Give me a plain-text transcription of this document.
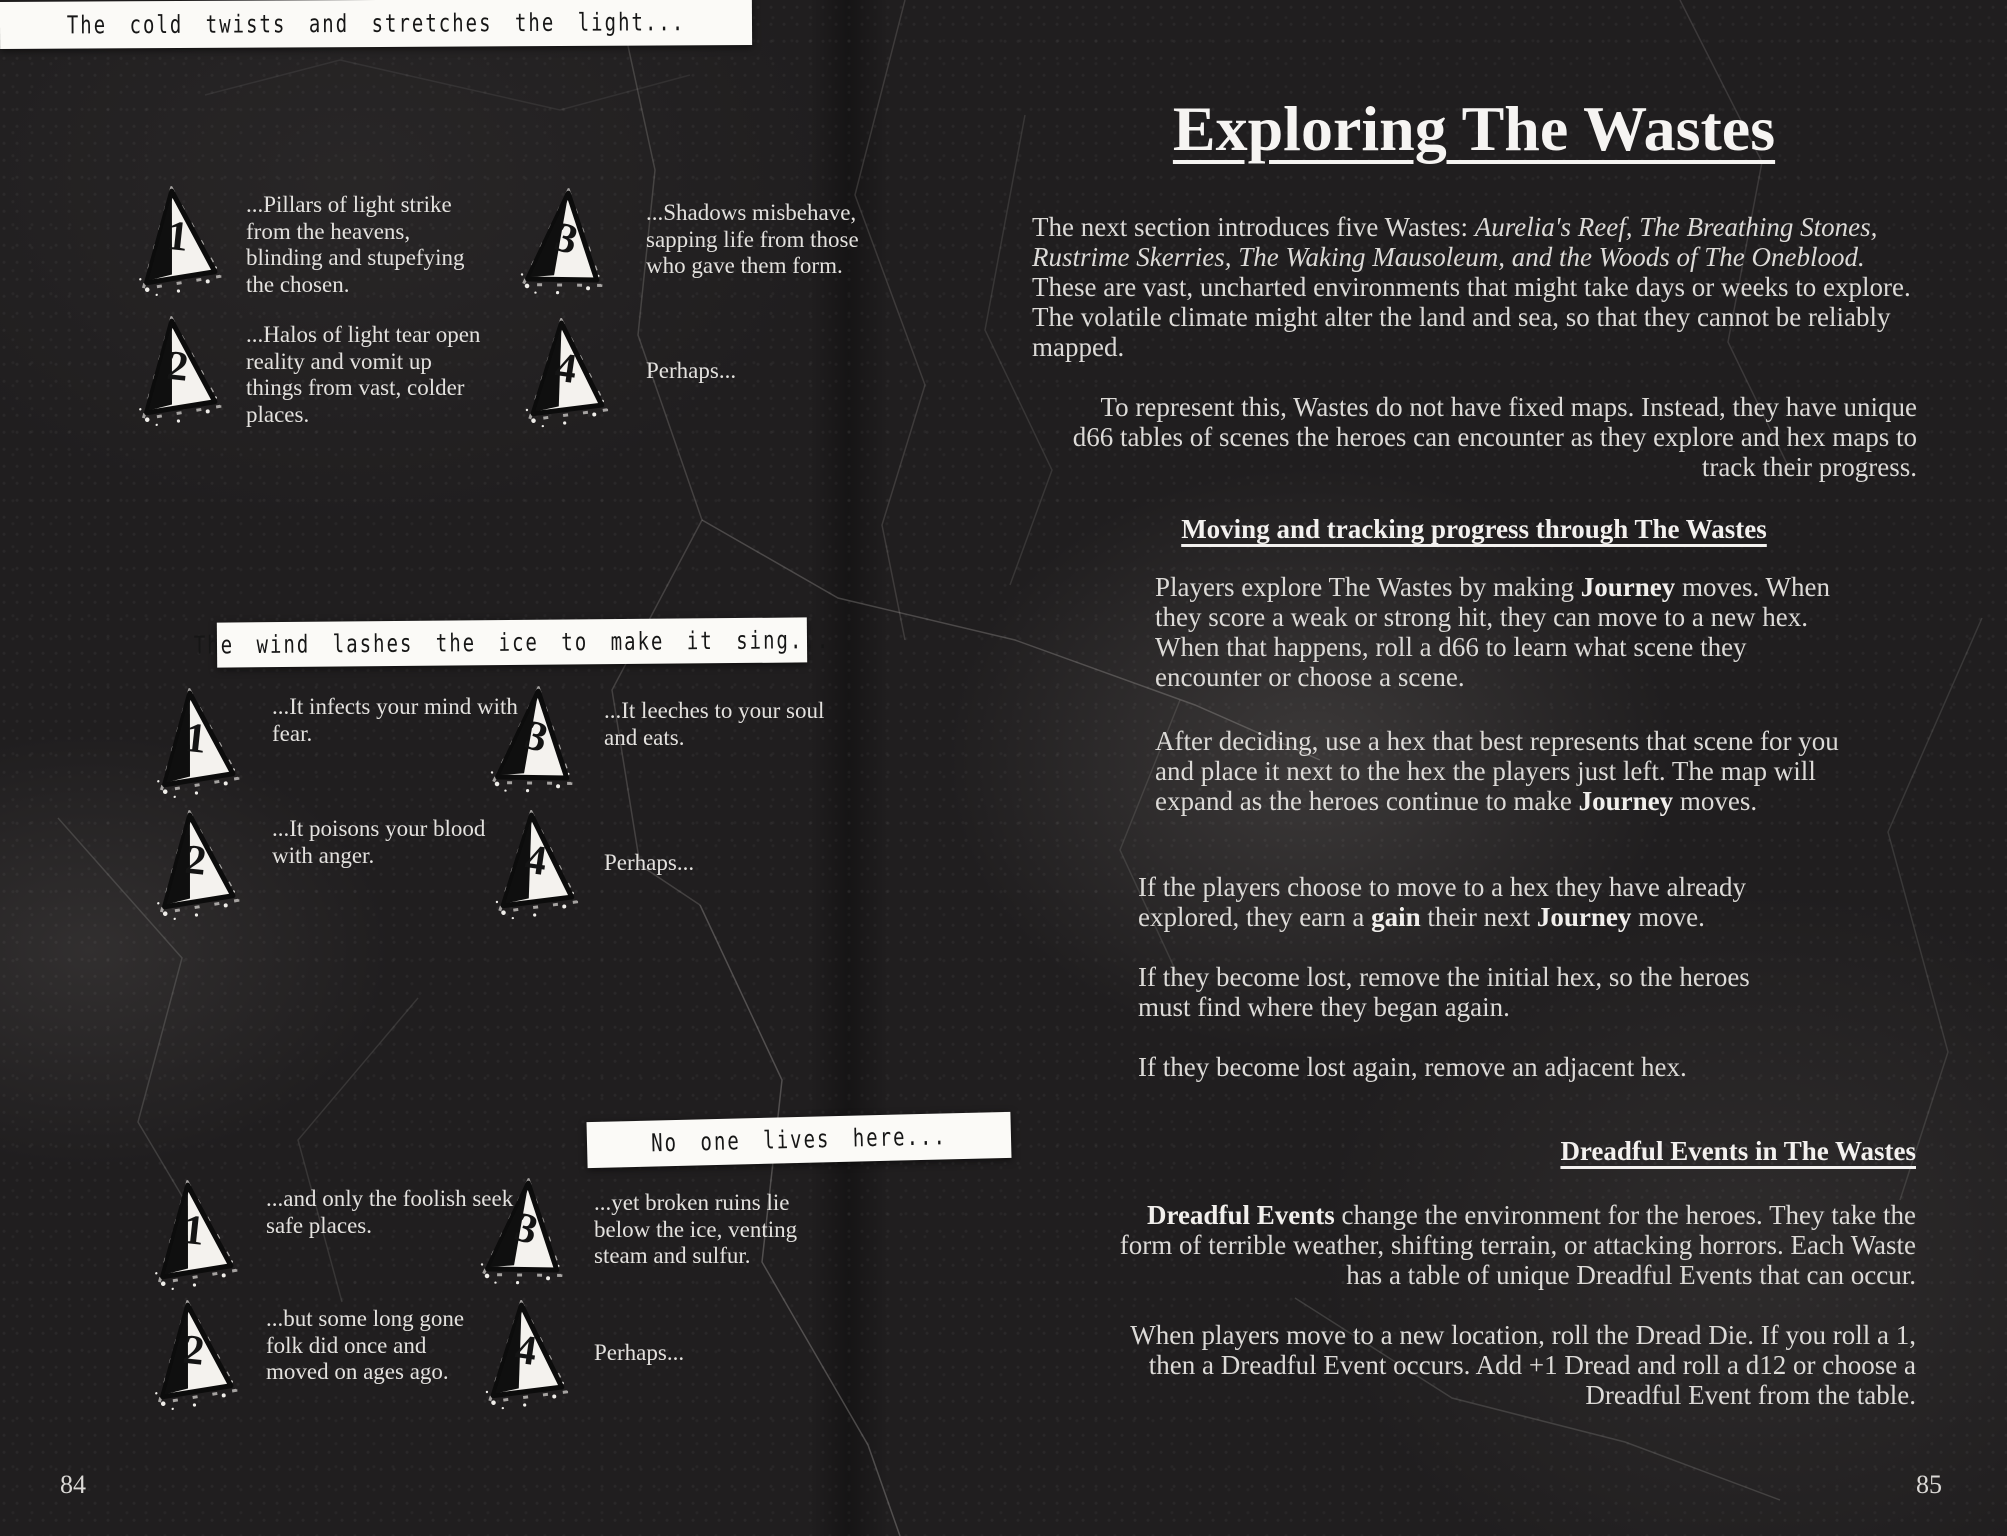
The cold twists and stretches the light...
1

...Pillars of light strike from the heavens, blinding and stupefying the chosen.

2

...Halos of light tear open reality and vomit up things from vast, colder places.

3

...Shadows misbehave, sapping life from those who gave them form.

4	Perhaps...

The wind lashes the ice to make it sing...
1

...It infects your mind with fear.

2

...It poisons your blood with anger.

3

...It leeches to your soul and eats.

4	Perhaps...

No one lives here...
1

...and only the foolish seek safe places.

2

...but some long gone folk did once and moved on ages ago.

3

...yet broken ruins lie below the ice, venting steam and sulfur.

4	Perhaps...

Exploring The Wastes

The next section introduces five Wastes: Aurelia's Reef, The Breathing Stones, Rustrime Skerries, The Waking Mausoleum, and the Woods of The Oneblood. These are vast, uncharted environments that might take days or weeks to explore. The volatile climate might alter the land and sea, so that they cannot be reliably mapped.

To represent this, Wastes do not have fixed maps. Instead, they have unique d66 tables of scenes the heroes can encounter as they explore and hex maps to track their progress.

Moving and tracking progress through The Wastes

Players explore The Wastes by making Journey moves. When they score a weak or strong hit, they can move to a new hex. When that happens, roll a d66 to learn what scene they encounter or choose a scene.

After deciding, use a hex that best represents that scene for you and place it next to the hex the players just left. The map will expand as the heroes continue to make Journey moves.

If the players choose to move to a hex they have already explored, they earn a gain their next Journey move.

If they become lost, remove the initial hex, so the heroes must find where they began again.

If they become lost again, remove an adjacent hex.

Dreadful Events in The Wastes

Dreadful Events change the environment for the heroes. They take the form of terrible weather, shifting terrain, or attacking horrors. Each Waste has a table of unique Dreadful Events that can occur.

When players move to a new location, roll the Dread Die. If you roll a 1, then a Dreadful Event occurs. Add +1 Dread and roll a d12 or choose a Dreadful Event from the table.

84	85
